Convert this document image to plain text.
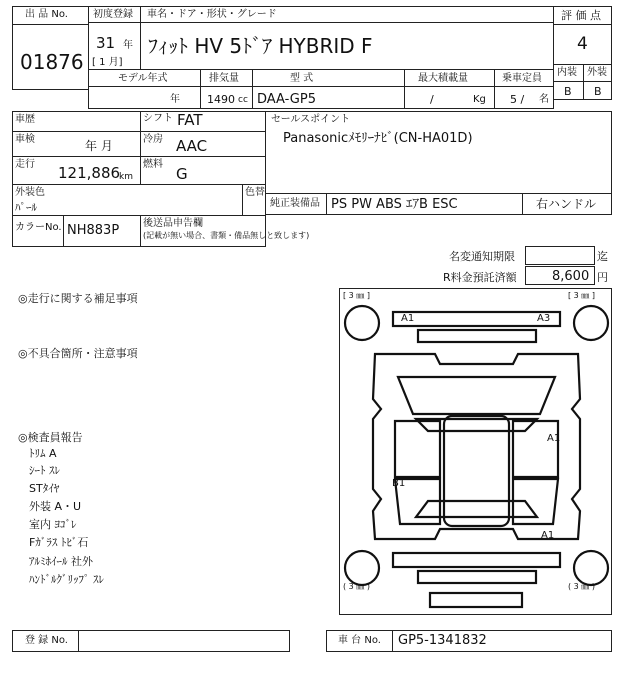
出 品 No.
01876
初度登録 車名・ドア・形状・グレード
31 年
[ 1 月]
ﾌｨｯﾄ HV 5ﾄﾞｱ HYBRID F
評 価 点
4
内装 外装
B B
モデル年式	排気量	型 式	最大積載量	乗車定員
年 1490 cc DAA-GP5	/	Kg 5 / 名
車歴
車検	年 月
走行 121,886
km
シフト FAT
冷房 AAC
燃料
G
外装色
ﾊﾟｰﾙ
色替
カラーNo. NH883P 後送品申告欄
(記載が無い場合、書類・備品無しと致します)
セールスポイント
Panasonicﾒﾓﾘｰﾅﾋﾞ(CN-HA01D)
純正装備品 PS PW ABS ｴｱB ESC	右ハンドル
名変通知期限	迄
R料金預託済額	8,600 円
◎走行に関する補足事項
◎不具合箇所・注意事項
◎検査員報告
ﾄﾘﾑ A
ｼｰﾄ ｽﾚ
STﾀｲﾔ
外装 A・U
室内 ﾖｺﾞﾚ
Fｶﾞﾗｽ ﾄﾋﾞ石
ｱﾙﾐﾎｲｰﾙ 社外
ﾊﾝﾄﾞﾙｸﾞﾘｯﾌﾟ ｽﾚ
[ 3 ㎜ ]	[ 3 ㎜ ]
( 3 ㎜ )	( 3 ㎜ )
A1	A3
A1
B1
A1
登 録 No.	車 台 No. GP5-1341832
